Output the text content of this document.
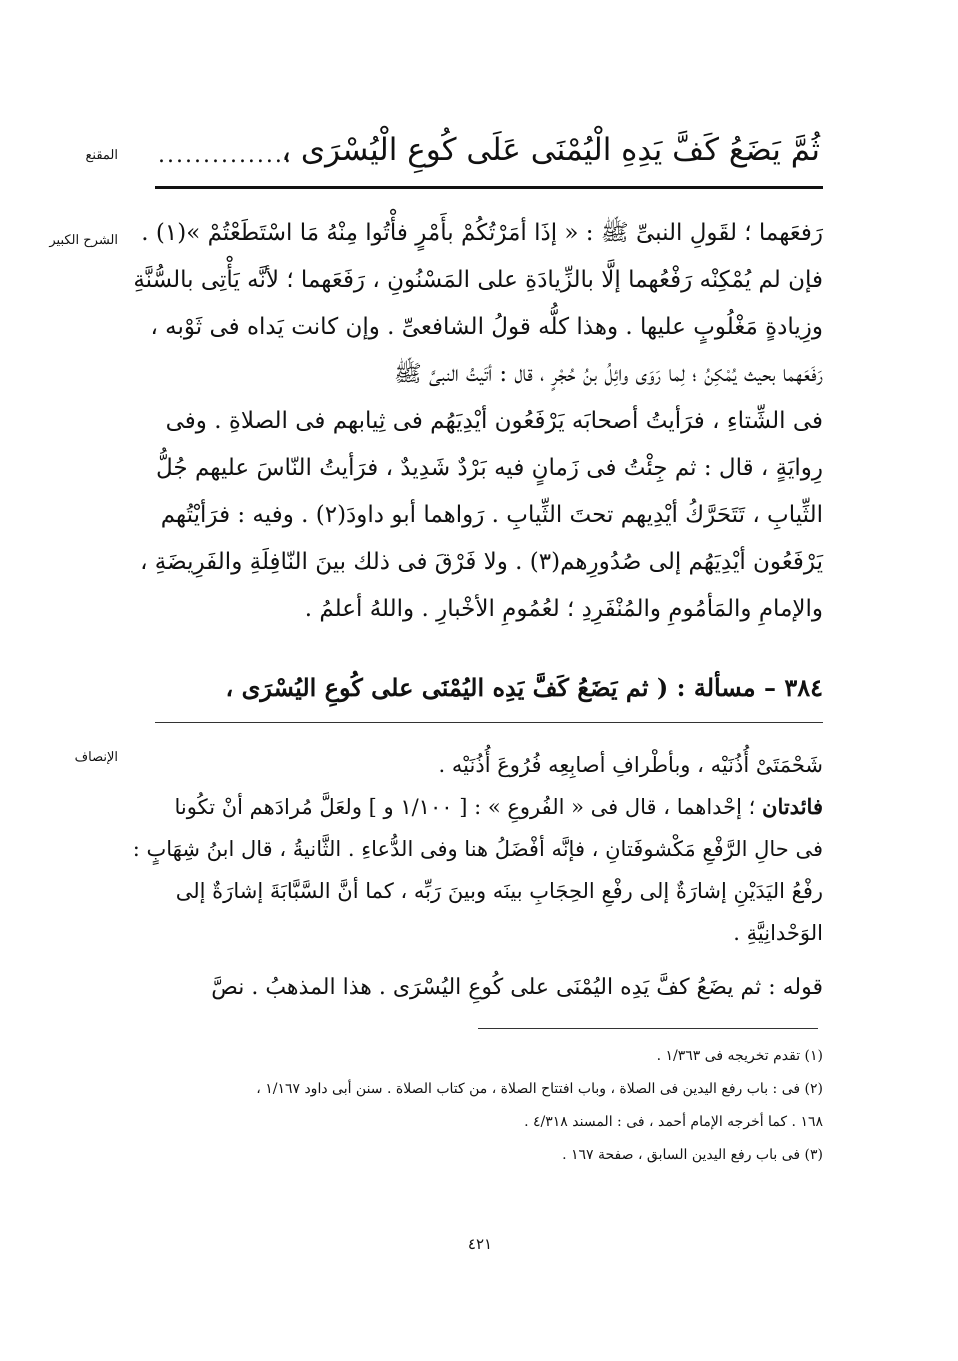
المقنع
الشرح الكبير
الإنصاف
ثُمَّ يَضَعُ كَفَّ يَدِهِ الْيُمْنَى عَلَى كُوعِ الْيُسْرَى ،
...............
رَفعَهما ؛ لقَولِ النبىِّ ﷺ : « إذَا أمَرْتُكُمْ بأَمْرٍ فأْتُوا مِنْهُ مَا اسْتَطَعْتُمْ »(١) .
فإن لم يُمْكِنْه رَفْعُهما إلَّا بالزِّيادَةِ على المَسْنُونِ ، رَفَعَهما ؛ لأنَّه يَأْتِى بالسُّنَّةِ
وزِيادةٍ مَغْلُوبٍ عليها . وهذا كلُّه قولُ الشافعىِّ . وإن كانت يَداه فى ثَوْبه ،
رَفَعَهما بحيث يُمْكِنُ ؛ لِما رَوَى وائِلُ بنُ حُجْرٍ ، قال : أتَيتُ النبىَّ ﷺ
فى الشِّتاءِ ، فرَأيتُ أصحابَه يَرْفَعُون أيْدِيَهُم فى ثِيابهم فى الصلاةِ . وفى
رِوايَةٍ ، قال : ثم جِئْتُ فى زَمانٍ فيه بَرْدٌ شَدِيدٌ ، فرَأيتُ النّاسَ عليهم جُلُّ
الثِّيابِ ، تَتَحَرَّكُ أيْدِيهم تحتَ الثِّيابِ . رَواهما أبو داودَ(٢) . وفيه : فرَأيْتُهم
يَرْفَعُون أيْدِيَهُم إلى صُدُورِهم(٣) . ولا فَرْقَ فى ذلك بينَ النّافِلَةِ والفَرِيضَةِ ،
والإمامِ والمَأمُومِ والمُنْفَرِدِ ؛ لعُمُومِ الأخْبارِ . واللهُ أعلمُ .
٣٨٤ – مسألة : ( ثم يَضَعُ كَفَّ يَدِه اليُمْنَى على كُوعِ اليُسْرَى ،
شَحْمَتَىْ أُذُنَيْه ، وبأطْرافِ أصابِعِه فُرُوعَ أُذُنَيْه .
فائدتان ؛ إحْداهما ، قال فى « الفُروعِ » : [ ١/١٠٠ و ] ولعَلَّ مُرادَهم أنْ تكُونا
فى حالِ الرَّفْعِ مَكْشوفَتانِ ، فإنَّه أفْضَلُ هنا وفى الدُّعاءِ . الثَّانيةُ ، قال ابنُ شِهَابٍ :
رفْعُ اليَدَيْنِ إشارَةٌ إلى رفْعِ الحِجَابِ بينَه وبينَ رَبِّه ، كما أنَّ السَّبَّابَةَ إشارَةٌ إلى
الوَحْدانِيَّةِ .
قوله : ثم يضَعُ كفَّ يَدِه اليُمْنَى على كُوعِ اليُسْرَى . هذا المذهبُ . نصَّ
(١) تقدم تخريجه فى ١/٣٦٣ .
(٢) فى : باب رفع اليدين فى الصلاة ، وباب افتتاح الصلاة ، من كتاب الصلاة . سنن أبى داود ١/١٦٧ ،
١٦٨ . كما أخرجه الإمام أحمد ، فى : المسند ٤/٣١٨ .
(٣) فى باب رفع اليدين السابق ، صفحة ١٦٧ .
٤٢١
